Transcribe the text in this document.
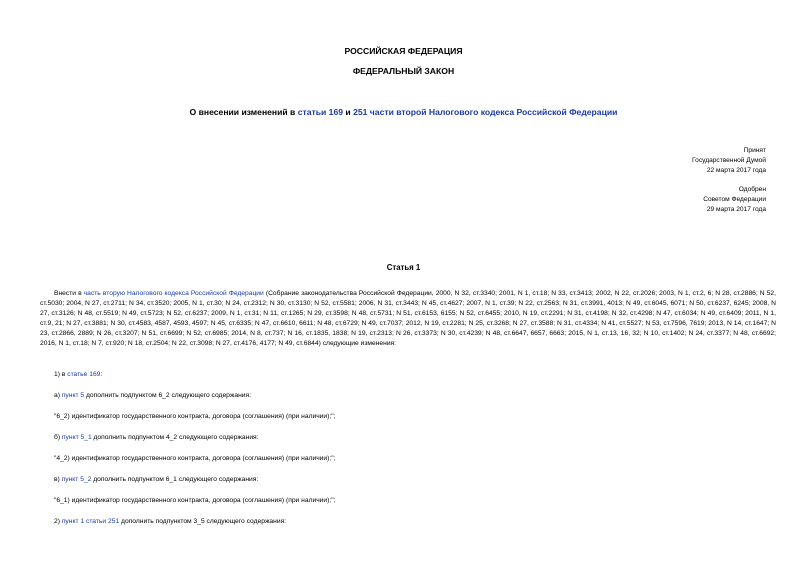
РОССИЙСКАЯ ФЕДЕРАЦИЯ
ФЕДЕРАЛЬНЫЙ ЗАКОН
О внесении изменений в статьи 169 и 251 части второй Налогового кодекса Российской Федерации
Принят
Государственной Думой
22 марта 2017 года
Одобрен
Советом Федерации
29 марта 2017 года
Статья 1
Внести в часть вторую Налогового кодекса Российской Федерации (Собрание законодательства Российской Федерации, 2000, N 32, ст.3340; 2001, N 1, ст.18; N 33, ст.3413; 2002, N 22, ст.2026; 2003, N 1, ст.2, 6; N 28, ст.2886; N 52, ст.5030; 2004, N 27, ст.2711; N 34, ст.3520; 2005, N 1, ст.30; N 24, ст.2312; N 30, ст.3130; N 52, ст.5581; 2006, N 31, ст.3443; N 45, ст.4627; 2007, N 1, ст.39; N 22, ст.2563; N 31, ст.3991, 4013; N 49, ст.6045, 6071; N 50, ст.6237, 6245; 2008, N 27, ст.3126; N 48, ст.5519; N 49, ст.5723; N 52, ст.6237; 2009, N 1, ст.31; N 11, ст.1265; N 29, ст.3598; N 48, ст.5731; N 51, ст.6153, 6155; N 52, ст.6455; 2010, N 19, ст.2291; N 31, ст.4198; N 32, ст.4298; N 47, ст.6034; N 49, ст.6409; 2011, N 1, ст.9, 21; N 27, ст.3881; N 30, ст.4583, 4587, 4593, 4597; N 45, ст.6335; N 47, ст.6610, 6611; N 48, ст.6729; N 49, ст.7037; 2012, N 19, ст.2281; N 25, ст.3268; N 27, ст.3588; N 31, ст.4334; N 41, ст.5527; N 53, ст.7596, 7619; 2013, N 14, ст.1647; N 23, ст.2866, 2889; N 26, ст.3207; N 51, ст.6699; N 52, ст.6985; 2014, N 8, ст.737; N 16, ст.1835, 1838; N 19, ст.2313; N 26, ст.3373; N 30, ст.4239; N 48, ст.6647, 6657, 6663; 2015, N 1, ст.13, 16, 32; N 10, ст.1402; N 24, ст.3377; N 48, ст.6692; 2016, N 1, ст.18; N 7, ст.920; N 18, ст.2504; N 22, ст.3098; N 27, ст.4176, 4177; N 49, ст.6844) следующие изменения:
1) в статье 169:
а) пункт 5 дополнить подпунктом 6_2 следующего содержания:
"6_2) идентификатор государственного контракта, договора (соглашения) (при наличии);";
б) пункт 5_1 дополнить подпунктом 4_2 следующего содержания:
"4_2) идентификатор государственного контракта, договора (соглашения) (при наличии);";
в) пункт 5_2 дополнить подпунктом 6_1 следующего содержания:
"6_1) идентификатор государственного контракта, договора (соглашения) (при наличии);";
2) пункт 1 статьи 251 дополнить подпунктом 3_5 следующего содержания:
